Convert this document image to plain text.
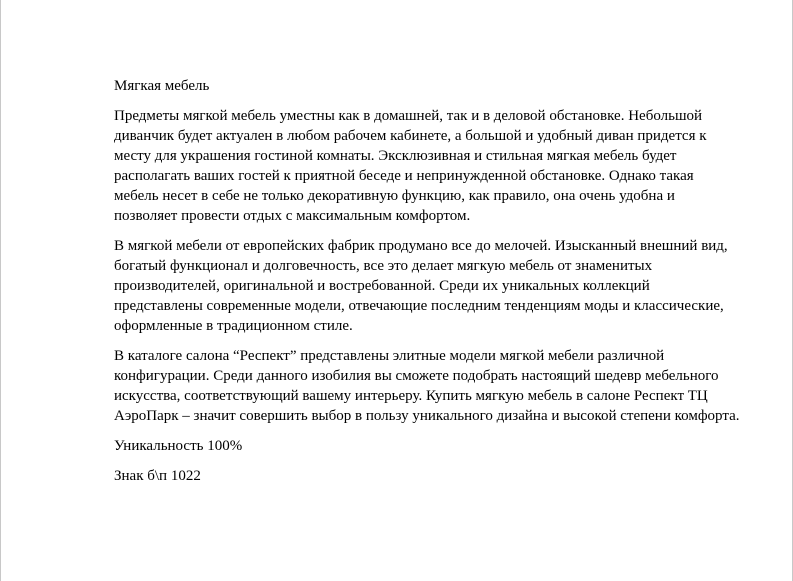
Мягкая мебель

Предметы мягкой мебель уместны как в домашней, так и в деловой обстановке. Небольшой диванчик будет актуален в любом рабочем кабинете, а большой и удобный диван придется к месту для украшения гостиной комнаты. Эксклюзивная и стильная мягкая мебель будет располагать ваших гостей к приятной беседе и непринужденной обстановке. Однако такая мебель несет в себе не только декоративную функцию, как правило, она очень удобна и позволяет провести отдых с максимальным комфортом.

В мягкой мебели от европейских фабрик продумано все до мелочей. Изысканный внешний вид, богатый функционал и долговечность, все это делает мягкую мебель от знаменитых производителей, оригинальной и востребованной. Среди их уникальных коллекций представлены современные модели, отвечающие последним тенденциям моды и классические, оформленные в традиционном стиле.

В каталоге салона “Респект” представлены элитные модели мягкой мебели различной конфигурации. Среди данного изобилия вы сможете подобрать настоящий шедевр мебельного искусства, соответствующий вашему интерьеру. Купить мягкую мебель в салоне Респект ТЦ АэроПарк – значит совершить выбор в пользу уникального дизайна и высокой степени комфорта.

Уникальность 100%

Знак б\п 1022
